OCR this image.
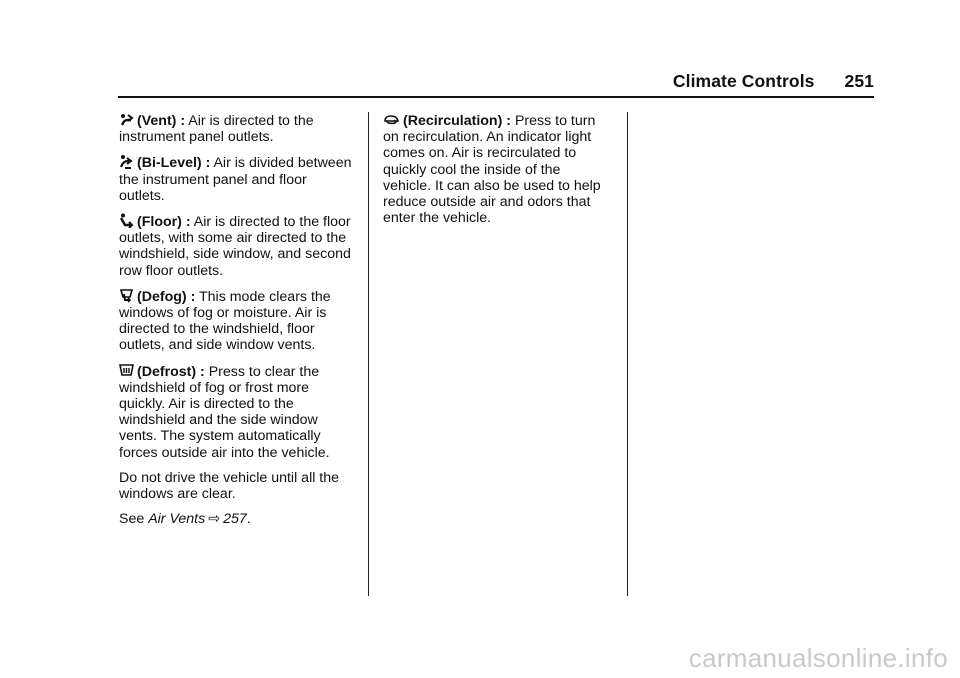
Climate Controls 251

(Vent) : Air is directed to the instrument panel outlets.

(Bi-Level) : Air is divided between the instrument panel and floor outlets.

(Floor) : Air is directed to the floor outlets, with some air directed to the windshield, side window, and second row floor outlets.

(Defog) : This mode clears the windows of fog or moisture. Air is directed to the windshield, floor outlets, and side window vents.

(Defrost) : Press to clear the windshield of fog or frost more quickly. Air is directed to the windshield and the side window vents. The system automatically forces outside air into the vehicle.

Do not drive the vehicle until all the windows are clear.

See Air Vents ⇨ 257.

(Recirculation) : Press to turn on recirculation. An indicator light comes on. Air is recirculated to quickly cool the inside of the vehicle. It can also be used to help reduce outside air and odors that enter the vehicle.

carmanualsonline.info
